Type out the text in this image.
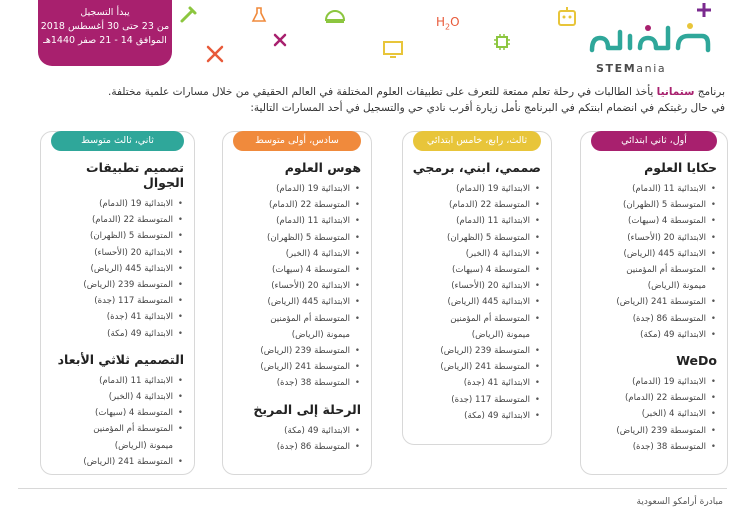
يبدأ التسجيل
من 23 حتى 30 أغسطس 2018
الموافق 14 - 21 صفر 1440هـ
$H_2O$
STEMania

برنامج ستمانيا يأخذ الطالبات في رحلة تعلم ممتعة للتعرف على تطبيقات العلوم المختلفة في العالم الحقيقي من خلال مسارات علمية مختلفة.

في حال رغبتكم في انضمام ابنتكم في البرنامج نأمل زيارة أقرب نادي حي والتسجيل في أحد المسارات التالية:

أول، ثاني ابتدائي
حكايا العلوم
• الابتدائية 11 (الدمام)
• المتوسطة 5 (الظهران)
• المتوسطة 4 (سيهات)
• الابتدائية 20 (الأحساء)
• الابتدائية 445 (الرياض)
• المتوسطة أم المؤمنين
ميمونة (الرياض)
• المتوسطة 241 (الرياض)
• المتوسطة 86 (جدة)
• الابتدائية 49 (مكة)
WeDo
• الابتدائية 19 (الدمام)
• المتوسطة 22 (الدمام)
• الابتدائية 4 (الخبر)
• المتوسطة 239 (الرياض)
• المتوسطة 38 (جدة)
ثالث، رابع، خامس ابتدائي
صممي، ابني، برمجي
• الابتدائية 19 (الدمام)
• المتوسطة 22 (الدمام)
• الابتدائية 11 (الدمام)
• المتوسطة 5 (الظهران)
• الابتدائية 4 (الخبر)
• المتوسطة 4 (سيهات)
• الابتدائية 20 (الأحساء)
• الابتدائية 445 (الرياض)
• المتوسطة أم المؤمنين
ميمونة (الرياض)
• المتوسطة 239 (الرياض)
• المتوسطة 241 (الرياض)
• الابتدائية 41 (جدة)
• المتوسطة 117 (جدة)
• الابتدائية 49 (مكة)
سادس، أولى متوسط
هوس العلوم
• الابتدائية 19 (الدمام)
• المتوسطة 22 (الدمام)
• الابتدائية 11 (الدمام)
• المتوسطة 5 (الظهران)
• الابتدائية 4 (الخبر)
• المتوسطة 4 (سيهات)
• الابتدائية 20 (الأحساء)
• الابتدائية 445 (الرياض)
• المتوسطة أم المؤمنين
ميمونة (الرياض)
• المتوسطة 239 (الرياض)
• المتوسطة 241 (الرياض)
• المتوسطة 38 (جدة)
الرحلة إلى المريخ
• الابتدائية 49 (مكة)
• المتوسطة 86 (جدة)
ثاني، ثالث متوسط
تصميم تطبيقات الجوال
• الابتدائية 19 (الدمام)
• المتوسطة 22 (الدمام)
• المتوسطة 5 (الظهران)
• الابتدائية 20 (الأحساء)
• الابتدائية 445 (الرياض)
• المتوسطة 239 (الرياض)
• المتوسطة 117 (جدة)
• الابتدائية 41 (جدة)
• الابتدائية 49 (مكة)
التصميم ثلاثي الأبعاد
• الابتدائية 11 (الدمام)
• الابتدائية 4 (الخبر)
• المتوسطة 4 (سيهات)
• المتوسطة أم المؤمنين
ميمونة (الرياض)
• المتوسطة 241 (الرياض)
مبادرة أرامكو السعودية
